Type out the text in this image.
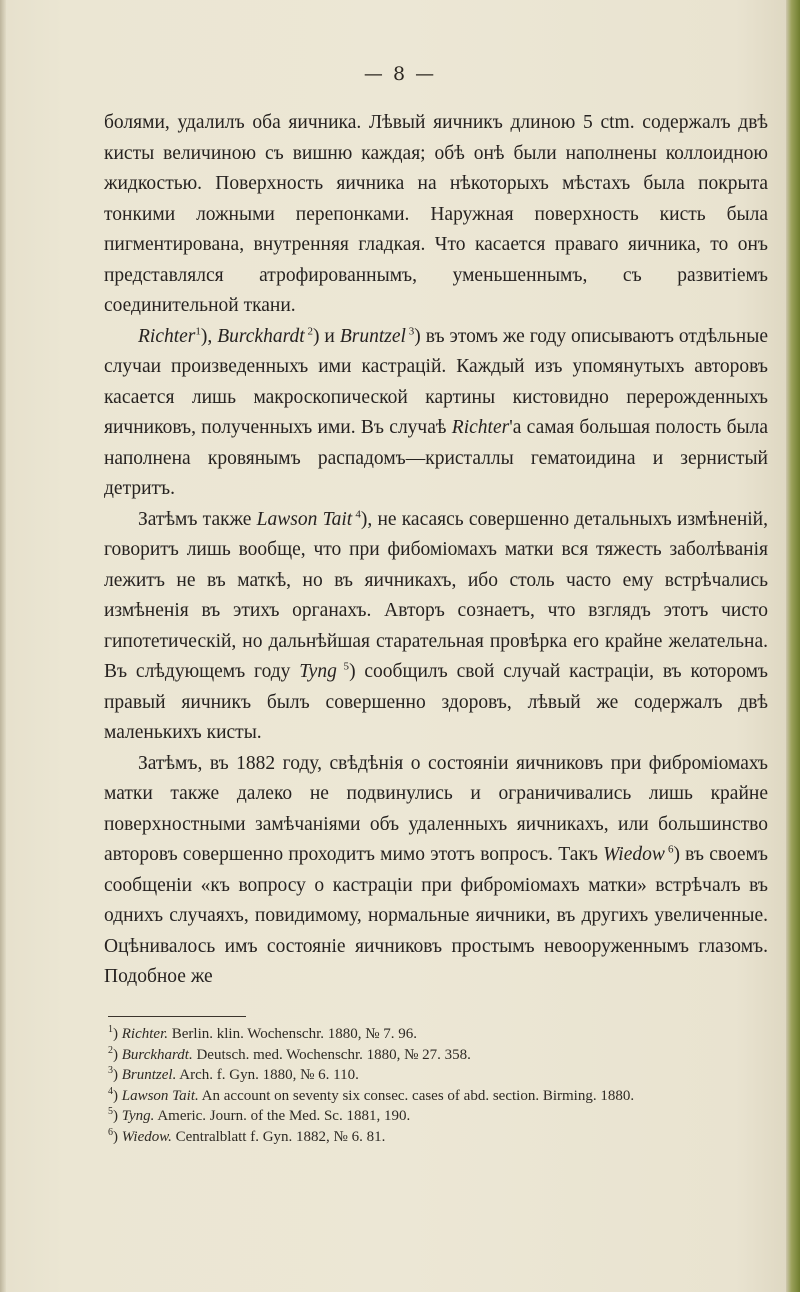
— 8 —

болями, удалилъ оба яичника. Лѣвый яичникъ длиною 5 ctm. содержалъ двѣ кисты величиною съ вишню каждая; обѣ онѣ были наполнены коллоидною жидкостью. Поверхность яичника на нѣкоторыхъ мѣстахъ была покрыта тонкими ложными перепонками. Наружная поверхность кисть была пигментирована, внутренняя гладкая. Что касается праваго яичника, то онъ представлялся атрофированнымъ, уменьшеннымъ, съ развитіемъ соединительной ткани.

Richter$^1$), Burckhardt $^2$) и Bruntzel $^3$) въ этомъ же году описываютъ отдѣльные случаи произведенныхъ ими кастрацій. Каждый изъ упомянутыхъ авторовъ касается лишь макроскопической картины кистовидно перерожденныхъ яичниковъ, полученныхъ ими. Въ случаѣ Richter'а самая большая полость была наполнена кровянымъ распадомъ—кристаллы гематоидина и зернистый детритъ.

Затѣмъ также Lawson Tait $^4$), не касаясь совершенно детальныхъ измѣненій, говоритъ лишь вообще, что при фибоміомахъ матки вся тяжесть заболѣванія лежитъ не въ маткѣ, но въ яичникахъ, ибо столь часто ему встрѣчались измѣненія въ этихъ органахъ. Авторъ сознаетъ, что взглядъ этотъ чисто гипотетическій, но дальнѣйшая старательная провѣрка его крайне желательна. Въ слѣдующемъ году Tyng $^5$) сообщилъ свой случай кастраціи, въ которомъ правый яичникъ былъ совершенно здоровъ, лѣвый же содержалъ двѣ маленькихъ кисты.

Затѣмъ, въ 1882 году, свѣдѣнія о состояніи яичниковъ при фиброміомахъ матки также далеко не подвинулись и ограничивались лишь крайне поверхностными замѣчаніями объ удаленныхъ яичникахъ, или большинство авторовъ совершенно проходитъ мимо этотъ вопросъ. Такъ Wiedow $^6$) въ своемъ сообщеніи «къ вопросу о кастраціи при фиброміомахъ матки» встрѣчалъ въ однихъ случаяхъ, повидимому, нормальные яичники, въ другихъ увеличенные. Оцѣнивалось имъ состояніе яичниковъ простымъ невооруженнымъ глазомъ. Подобное же

$^1$) Richter. Berlin. klin. Wochenschr. 1880, № 7. 96.

$^2$) Burckhardt. Deutsch. med. Wochenschr. 1880, № 27. 358.

$^3$) Bruntzel. Arch. f. Gyn. 1880, № 6. 110.

$^4$) Lawson Tait. An account on seventy six consec. cases of abd. section. Birming. 1880.

$^5$) Tyng. Americ. Journ. of the Med. Sc. 1881, 190.

$^6$) Wiedow. Centralblatt f. Gyn. 1882, № 6. 81.
